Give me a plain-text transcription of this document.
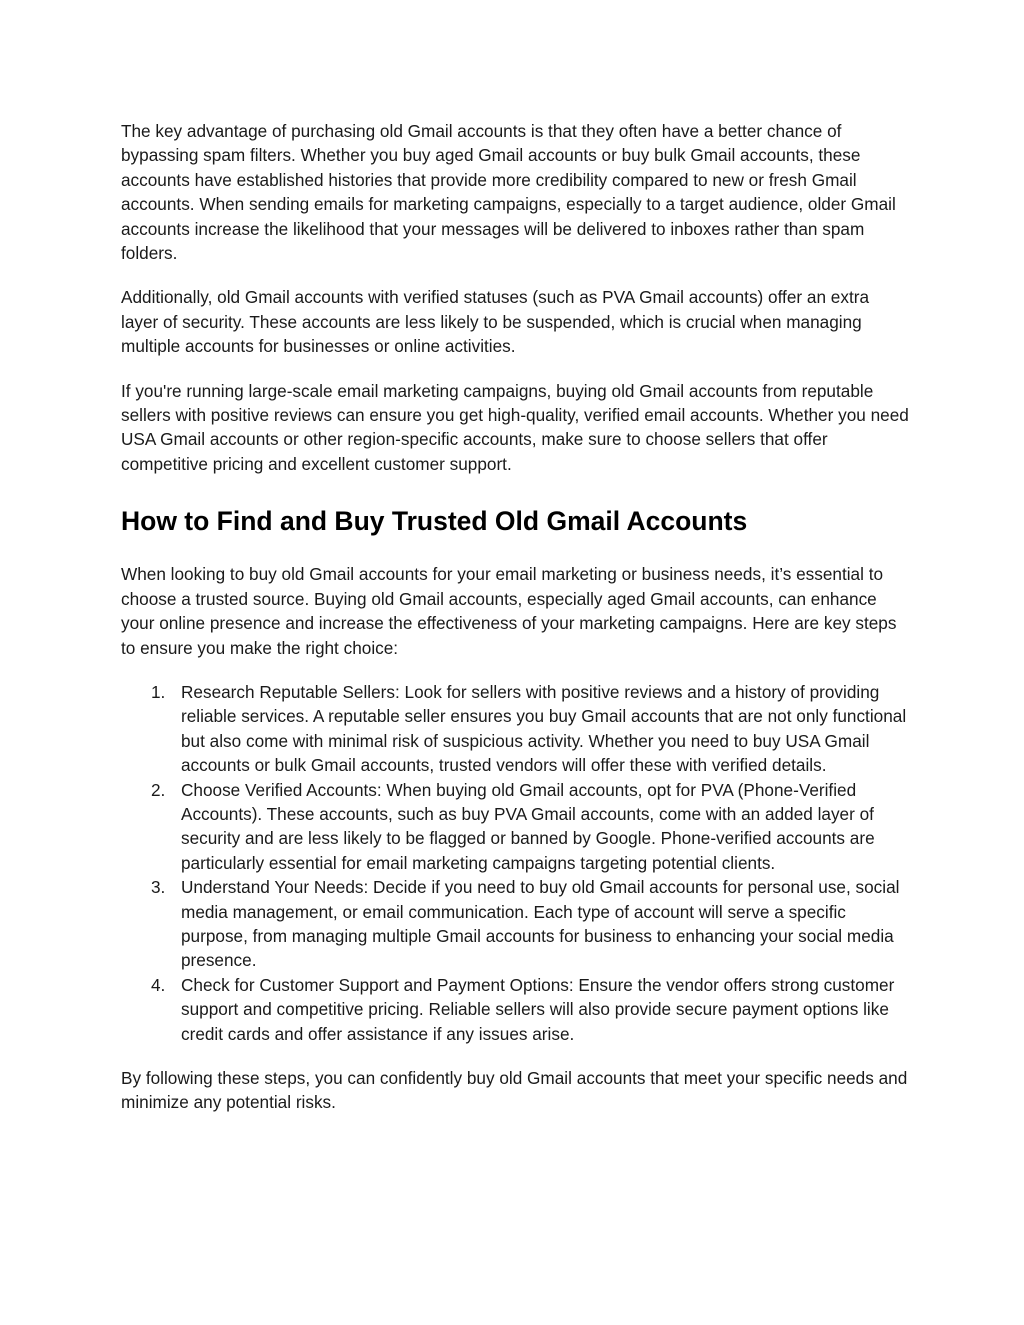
The key advantage of purchasing old Gmail accounts is that they often have a better chance of bypassing spam filters. Whether you buy aged Gmail accounts or buy bulk Gmail accounts, these accounts have established histories that provide more credibility compared to new or fresh Gmail accounts. When sending emails for marketing campaigns, especially to a target audience, older Gmail accounts increase the likelihood that your messages will be delivered to inboxes rather than spam folders.

Additionally, old Gmail accounts with verified statuses (such as PVA Gmail accounts) offer an extra layer of security. These accounts are less likely to be suspended, which is crucial when managing multiple accounts for businesses or online activities.

If you're running large-scale email marketing campaigns, buying old Gmail accounts from reputable sellers with positive reviews can ensure you get high-quality, verified email accounts. Whether you need USA Gmail accounts or other region-specific accounts, make sure to choose sellers that offer competitive pricing and excellent customer support.

How to Find and Buy Trusted Old Gmail Accounts

When looking to buy old Gmail accounts for your email marketing or business needs, it’s essential to choose a trusted source. Buying old Gmail accounts, especially aged Gmail accounts, can enhance your online presence and increase the effectiveness of your marketing campaigns. Here are key steps to ensure you make the right choice:

1. Research Reputable Sellers: Look for sellers with positive reviews and a history of providing reliable services. A reputable seller ensures you buy Gmail accounts that are not only functional but also come with minimal risk of suspicious activity. Whether you need to buy USA Gmail accounts or bulk Gmail accounts, trusted vendors will offer these with verified details.
2. Choose Verified Accounts: When buying old Gmail accounts, opt for PVA (Phone-Verified Accounts). These accounts, such as buy PVA Gmail accounts, come with an added layer of security and are less likely to be flagged or banned by Google. Phone-verified accounts are particularly essential for email marketing campaigns targeting potential clients.
3. Understand Your Needs: Decide if you need to buy old Gmail accounts for personal use, social media management, or email communication. Each type of account will serve a specific purpose, from managing multiple Gmail accounts for business to enhancing your social media presence.
4. Check for Customer Support and Payment Options: Ensure the vendor offers strong customer support and competitive pricing. Reliable sellers will also provide secure payment options like credit cards and offer assistance if any issues arise.

By following these steps, you can confidently buy old Gmail accounts that meet your specific needs and minimize any potential risks.
